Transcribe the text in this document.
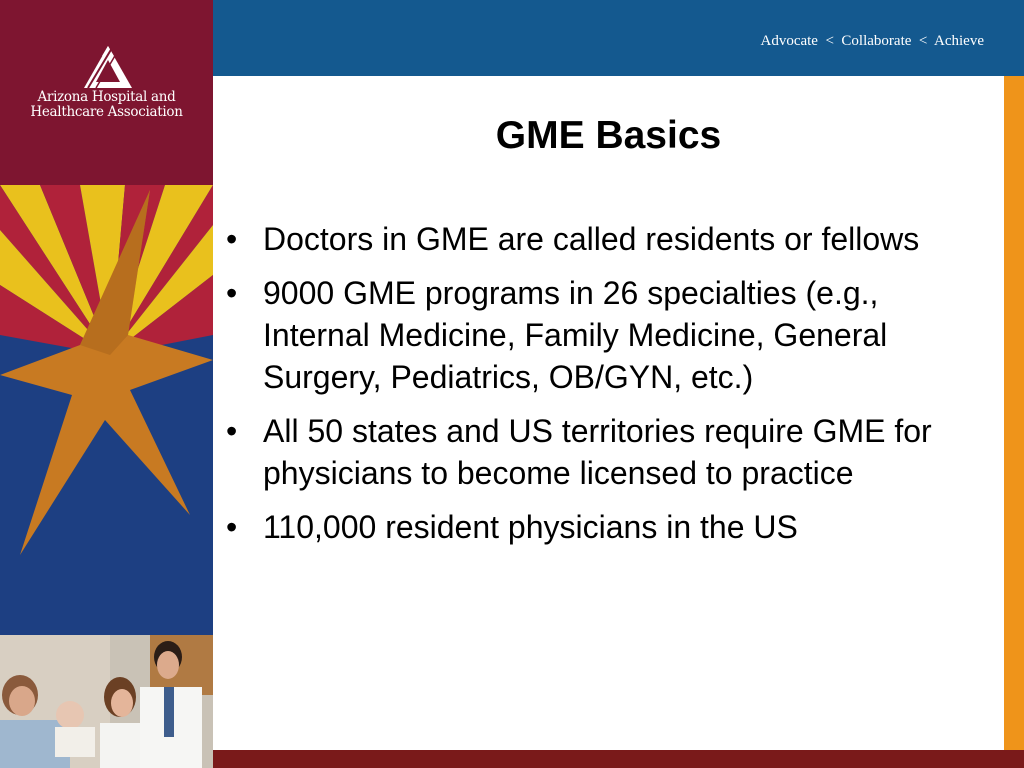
Arizona Hospital and
Healthcare Association
Advocate  <  Collaborate  <  Achieve
GME Basics
• Doctors in GME are called residents or fellows
• 9000 GME programs in 26 specialties (e.g., Internal Medicine, Family Medicine, General Surgery, Pediatrics, OB/GYN, etc.)
• All 50 states and US territories require GME for physicians to become licensed to practice
• 110,000 resident physicians in the US
